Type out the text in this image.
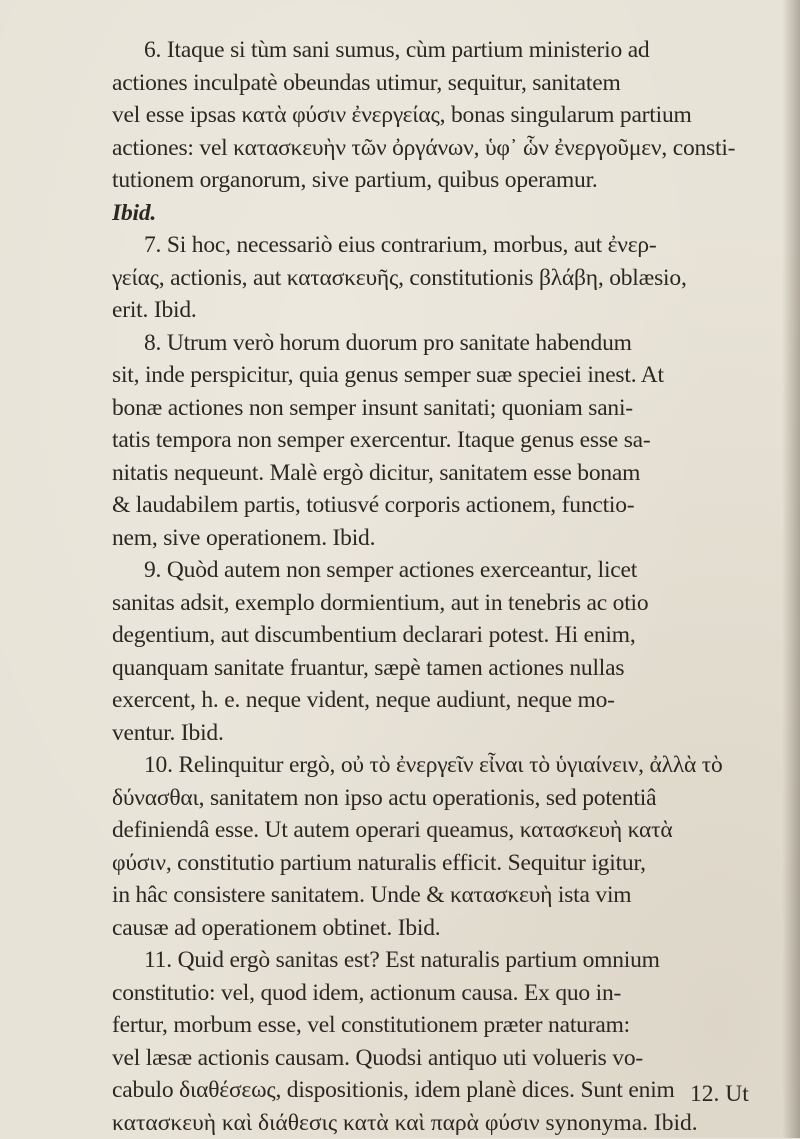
6. Itaque si tùm sani sumus, cùm partium ministerio ad
actiones inculpatè obeundas utimur, sequitur, sanitatem
vel esse ipsas κατὰ φύσιν ἐνεργείας, bonas singularum partium
actiones: vel κατασκευὴν τῶν ὀργάνων, ὑφ᾽ ὧν ἐνεργοῦμεν, consti-
tutionem organorum, sive partium, quibus operamur.
Ibid.
7. Si hoc, necessariò eius contrarium, morbus, aut ἐνερ-
γείας, actionis, aut κατασκευῆς, constitutionis βλάβη, oblæsio,
erit. Ibid.
8. Utrum verò horum duorum pro sanitate habendum
sit, inde perspicitur, quia genus semper suæ speciei inest. At
bonæ actiones non semper insunt sanitati; quoniam sani-
tatis tempora non semper exercentur. Itaque genus esse sa-
nitatis nequeunt. Malè ergò dicitur, sanitatem esse bonam
& laudabilem partis, totiusvé corporis actionem, functio-
nem, sive operationem. Ibid.
9. Quòd autem non semper actiones exerceantur, licet
sanitas adsit, exemplo dormientium, aut in tenebris ac otio
degentium, aut discumbentium declarari potest. Hi enim,
quanquam sanitate fruantur, sæpè tamen actiones nullas
exercent, h. e. neque vident, neque audiunt, neque mo-
ventur. Ibid.
10. Relinquitur ergò, οὐ τὸ ἐνεργεῖν εἶναι τὸ ὑγιαίνειν, ἀλλὰ τὸ
δύνασθαι, sanitatem non ipso actu operationis, sed potentiâ
definiendâ esse. Ut autem operari queamus, κατασκευὴ κατὰ
φύσιν, constitutio partium naturalis efficit. Sequitur igitur,
in hâc consistere sanitatem. Unde & κατασκευὴ ista vim
causæ ad operationem obtinet. Ibid.
11. Quid ergò sanitas est? Est naturalis partium omnium
constitutio: vel, quod idem, actionum causa. Ex quo in-
fertur, morbum esse, vel constitutionem præter naturam:
vel læsæ actionis causam. Quodsi antiquo uti volueris vo-
cabulo διαθέσεως, dispositionis, idem planè dices. Sunt enim
κατασκευὴ καὶ διάθεσις κατὰ καὶ παρὰ φύσιν synonyma. Ibid.
12. Ut
